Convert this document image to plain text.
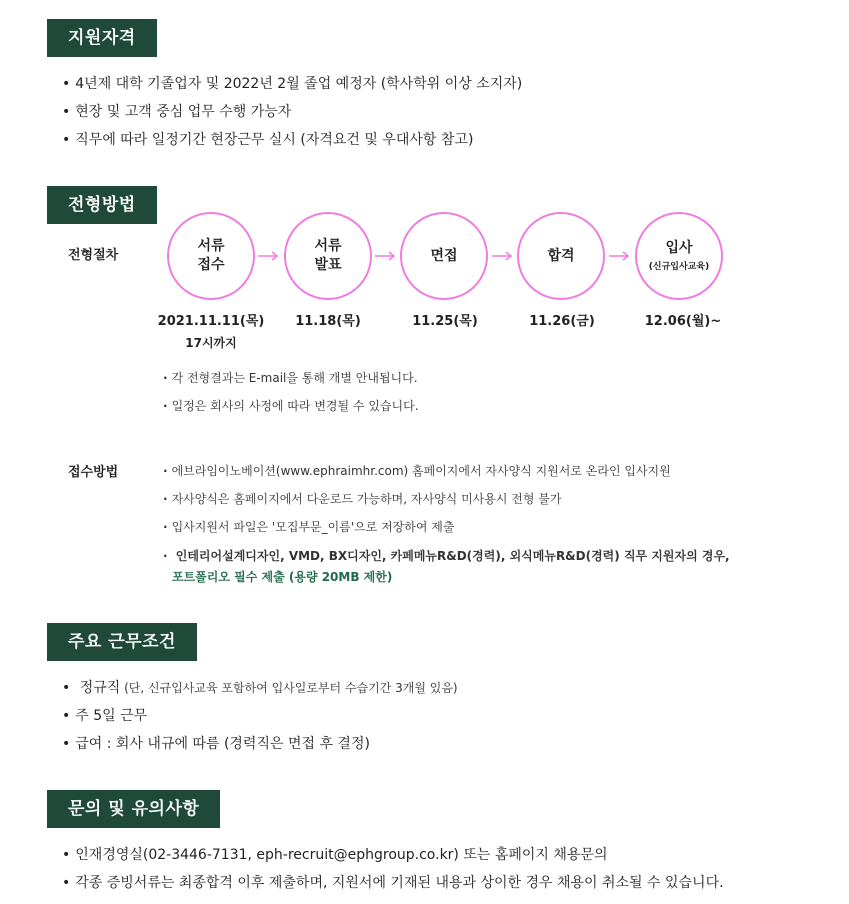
지원자격
• 4년제 대학 기졸업자 및 2022년 2월 졸업 예정자 (학사학위 이상 소지자)
• 현장 및 고객 중심 업무 수행 가능자
• 직무에 따라 일정기간 현장근무 실시 (자격요건 및 우대사항 참고)
전형방법
전형절차
서류
접수
서류
발표
면접	합격	입사
(신규입사교육)
2021.11.11(목)
17시까지
11.18(목)	11.25(목)	11.26(금)	12.06(월)~
· 각 전형결과는 E-mail을 통해 개별 안내됩니다.
· 일정은 회사의 사정에 따라 변경될 수 있습니다.
접수방법
·	에브라임이노베이션(www.ephraimhr.com) 홈페이지에서 자사양식 지원서로 온라인 입사지원
· 자사양식은 홈페이지에서 다운로드 가능하며, 자사양식 미사용시 전형 불가
· 입사지원서 파일은 '모집부문_이름'으로 저장하여 제출
· 인테리어설계디자인, VMD, BX디자인, 카페메뉴R&D(경력), 외식메뉴R&D(경력) 직무 지원자의 경우,
포트폴리오 필수 제출 (용량 20MB 제한)
주요 근무조건
• 정규직 (단, 신규입사교육 포함하여 입사일로부터 수습기간 3개월 있음)
• 주 5일 근무
• 급여 : 회사 내규에 따름 (경력직은 면접 후 결정)
문의 및 유의사항
• 인재경영실(02-3446-7131, eph-recruit@ephgroup.co.kr) 또는 홈페이지 채용문의
• 각종 증빙서류는 최종합격 이후 제출하며, 지원서에 기재된 내용과 상이한 경우 채용이 취소될 수 있습니다.
